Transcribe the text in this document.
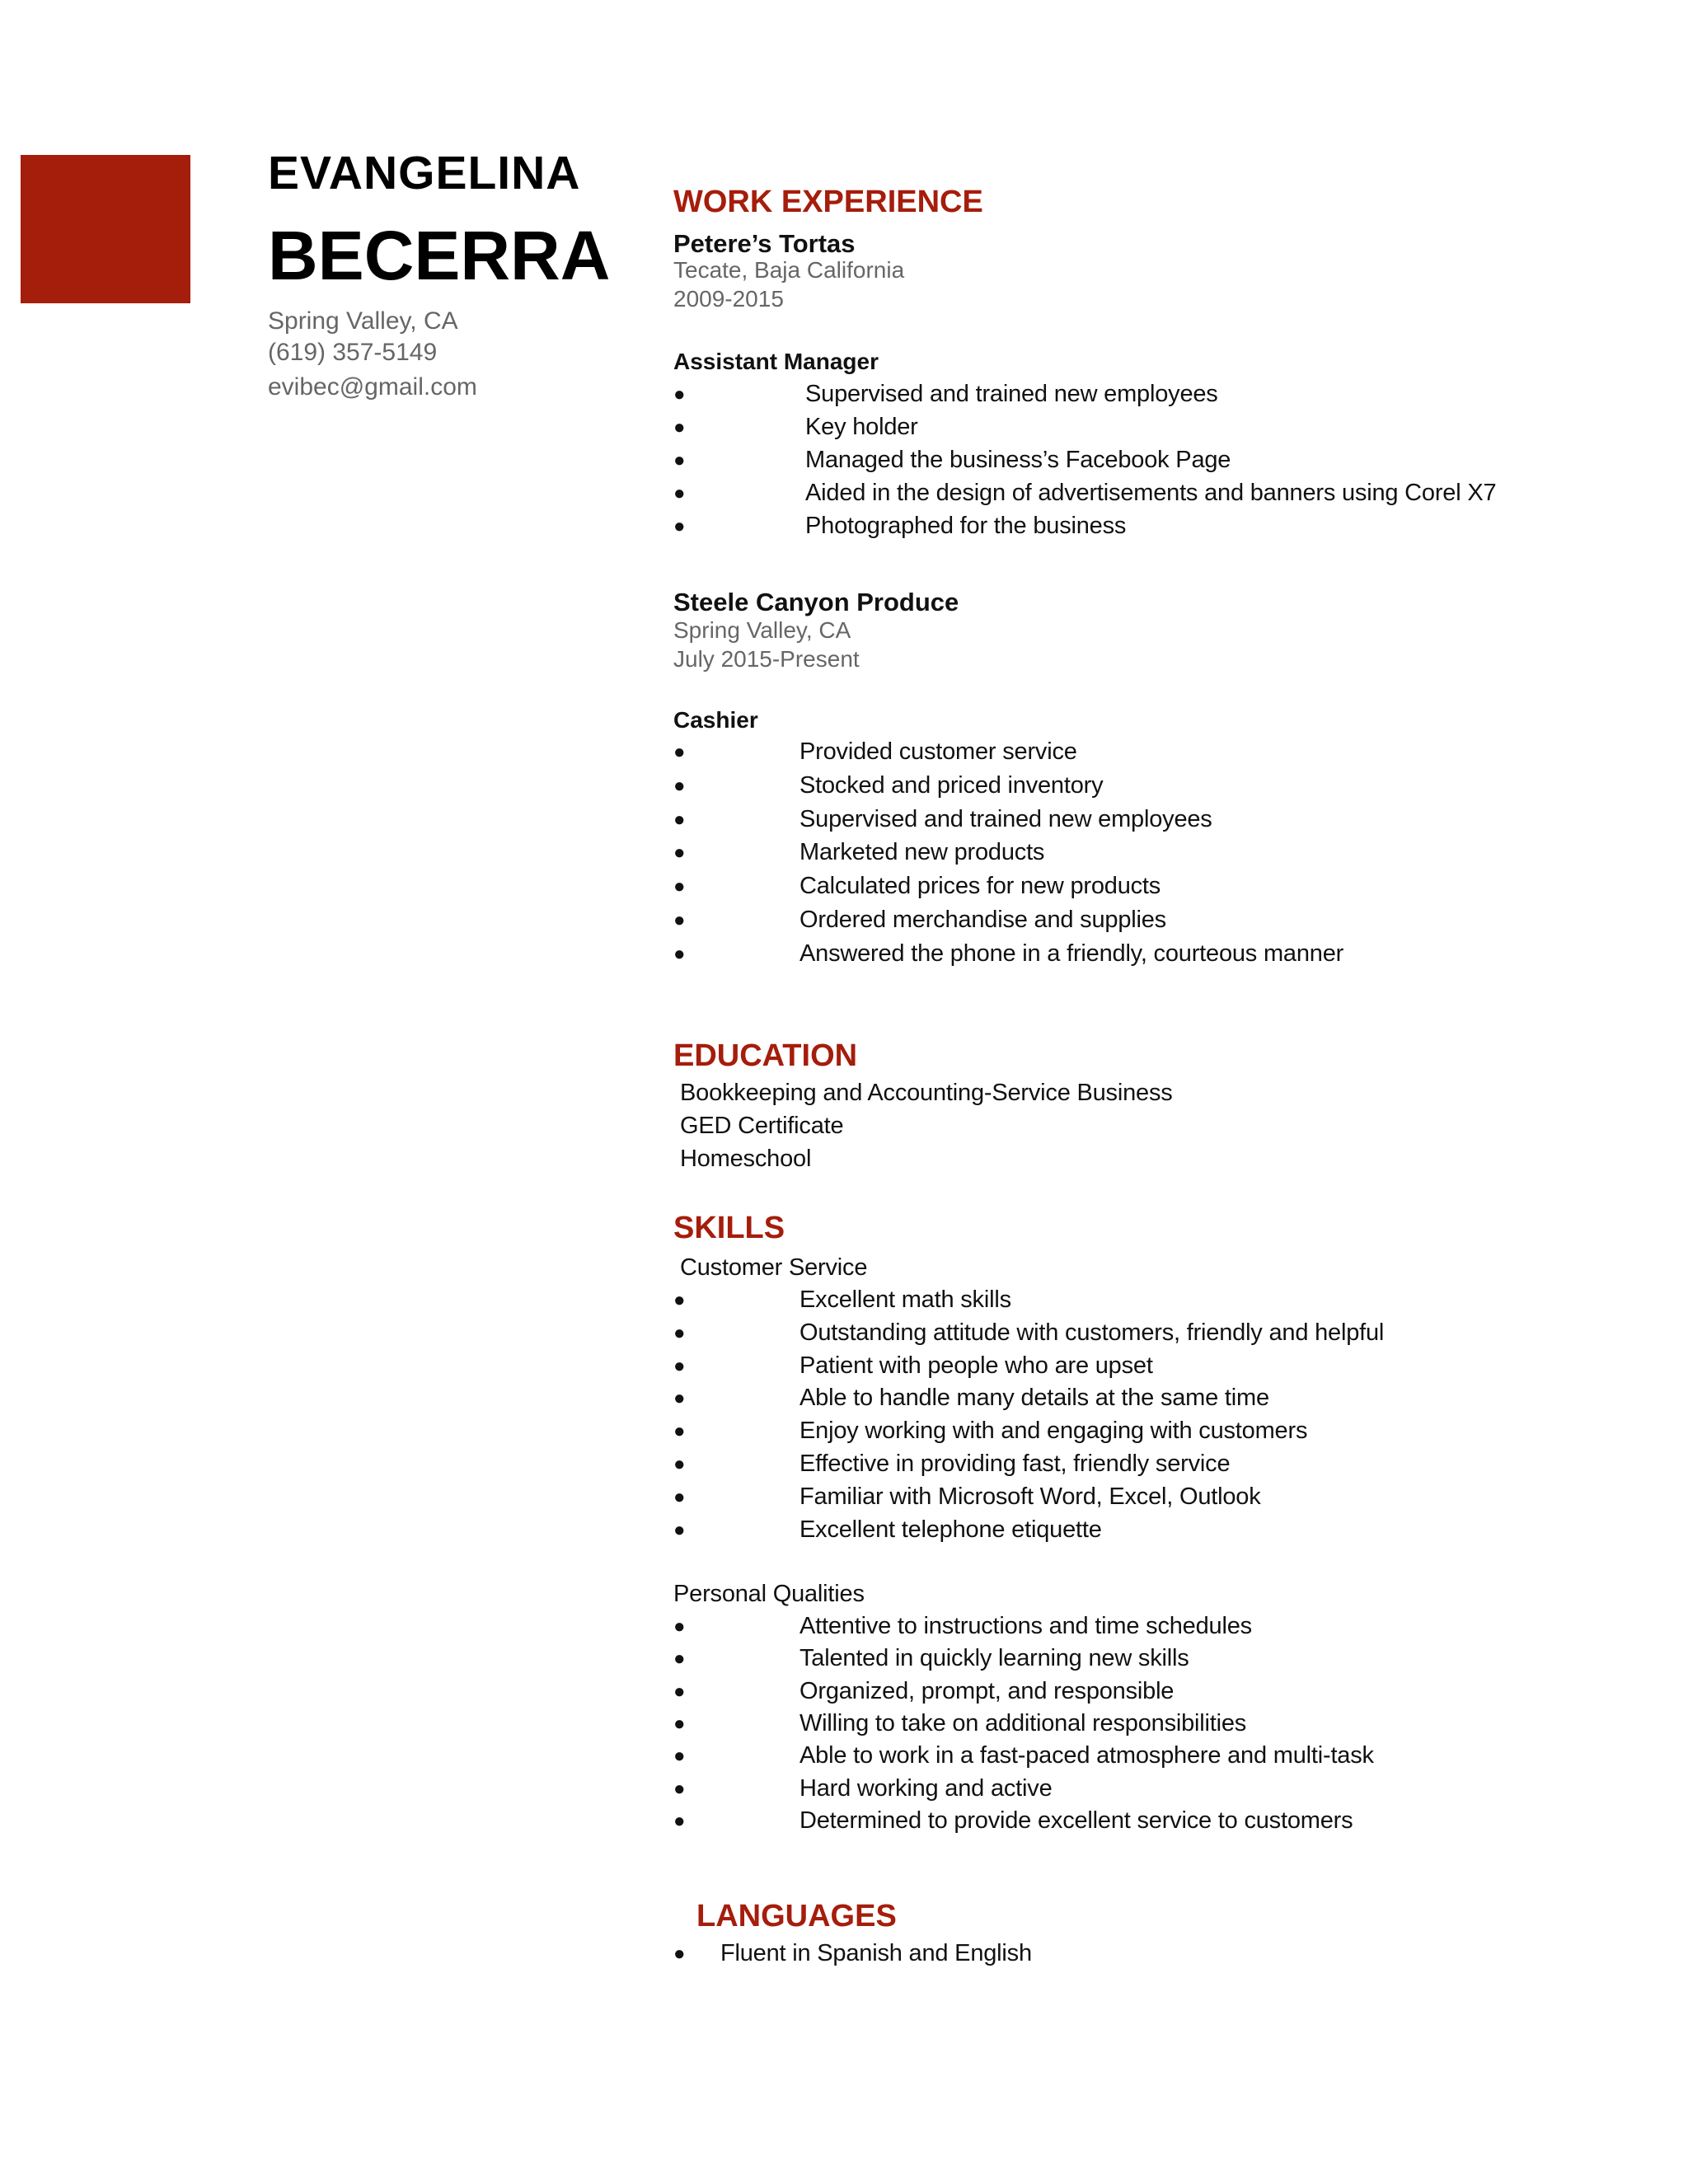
EVANGELINA
BECERRA
Spring Valley, CA
(619) 357-5149
evibec@gmail.com
WORK EXPERIENCE
Petere’s Tortas
Tecate, Baja California
2009-2015
Assistant Manager
●	Supervised and trained new employees
●	Key holder
●	Managed the business’s Facebook Page
●	Aided in the design of advertisements and banners using Corel X7
●	Photographed for the business
Steele Canyon Produce
Spring Valley, CA
July 2015-Present
Cashier
●	Provided customer service
●	Stocked and priced inventory
●	Supervised and trained new employees
●	Marketed new products
●	Calculated prices for new products
●	Ordered merchandise and supplies
●	Answered the phone in a friendly, courteous manner
EDUCATION
Bookkeeping and Accounting-Service Business
GED Certificate
Homeschool
SKILLS
Customer Service
●	Excellent math skills
●	Outstanding attitude with customers, friendly and helpful
●	Patient with people who are upset
●	Able to handle many details at the same time
●	Enjoy working with and engaging with customers
●	Effective in providing fast, friendly service
●	Familiar with Microsoft Word, Excel, Outlook
●	Excellent telephone etiquette
Personal Qualities
●	Attentive to instructions and time schedules
●	Talented in quickly learning new skills
●	Organized, prompt, and responsible
●	Willing to take on additional responsibilities
●	Able to work in a fast-paced atmosphere and multi-task
●	Hard working and active
●	Determined to provide excellent service to customers
LANGUAGES
● Fluent in Spanish and English
